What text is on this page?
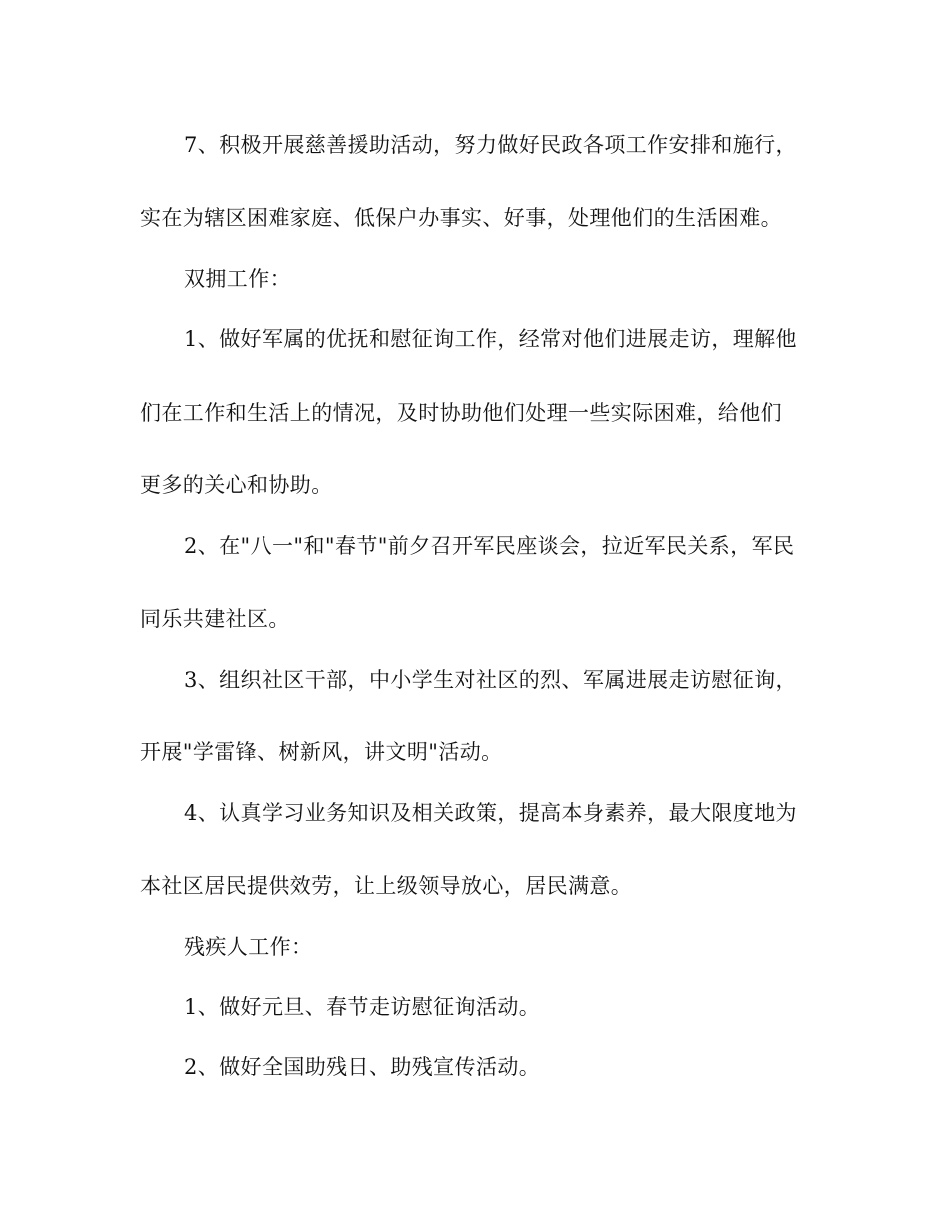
7、积极开展慈善援助活动，努力做好民政各项工作安排和施行，
实在为辖区困难家庭、低保户办事实、好事，处理他们的生活困难。
双拥工作：
1、做好军属的优抚和慰征询工作，经常对他们进展走访，理解他
们在工作和生活上的情况，及时协助他们处理一些实际困难，给他们
更多的关心和协助。
2、在"八一"和"春节"前夕召开军民座谈会，拉近军民关系，军民
同乐共建社区。
3、组织社区干部，中小学生对社区的烈、军属进展走访慰征询，
开展"学雷锋、树新风，讲文明"活动。
4、认真学习业务知识及相关政策，提高本身素养，最大限度地为
本社区居民提供效劳，让上级领导放心，居民满意。
残疾人工作：
1、做好元旦、春节走访慰征询活动。
2、做好全国助残日、助残宣传活动。
